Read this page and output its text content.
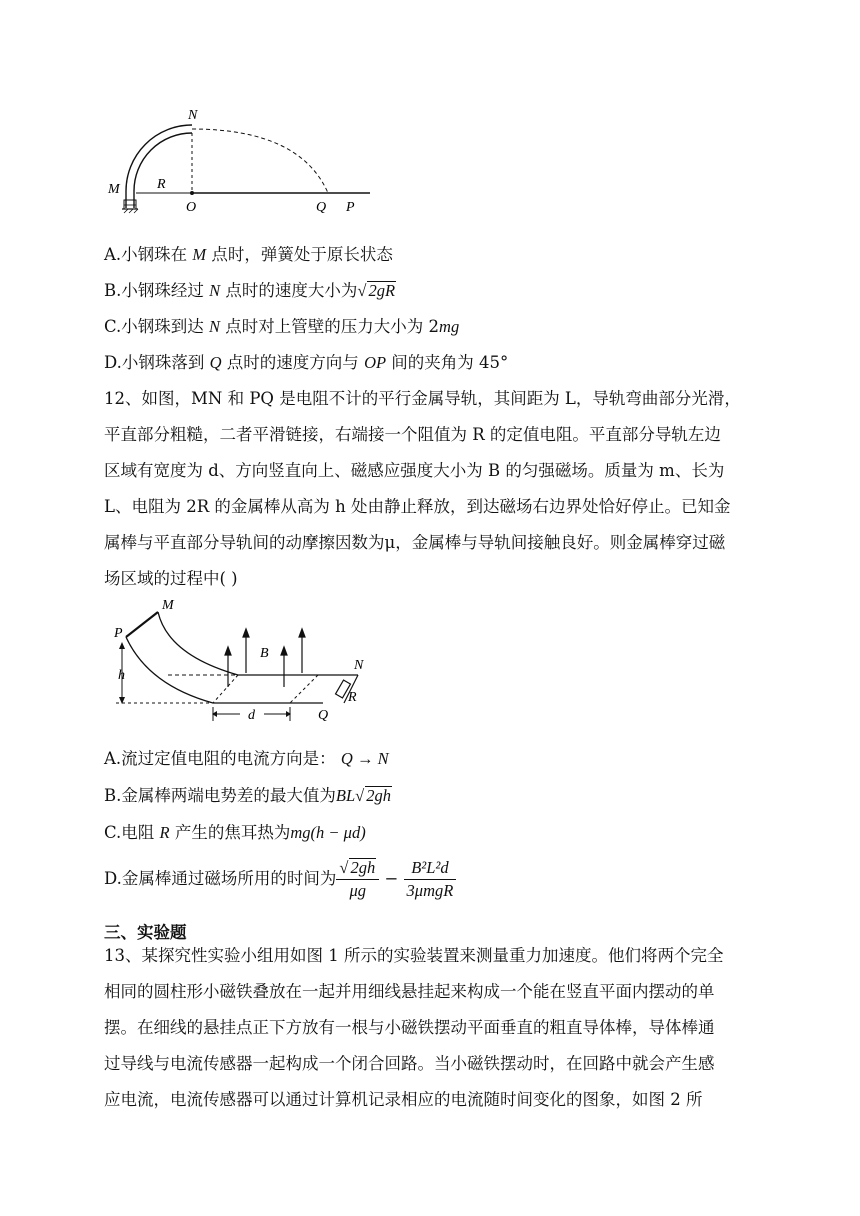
N
M	R
O	Q P
A.小钢珠在 M 点时，弹簧处于原长状态
B.小钢珠经过 N 点时的速度大小为√ 2gR
C.小钢珠到达 N 点时对上管壁的压力大小为 2mg
D.小钢珠落到 Q 点时的速度方向与 OP 间的夹角为 45°
12、如图，MN 和 PQ 是电阻不计的平行金属导轨，其间距为 L，导轨弯曲部分光滑，
平直部分粗糙，二者平滑链接，右端接一个阻值为 R 的定值电阻。平直部分导轨左边
区域有宽度为 d、方向竖直向上、磁感应强度大小为 B 的匀强磁场。质量为 m、长为
L、电阻为 2R 的金属棒从高为 h 处由静止释放，到达磁场右边界处恰好停止。已知金
属棒与平直部分导轨间的动摩擦因数为μ，金属棒与导轨间接触良好。则金属棒穿过磁
场区域的过程中( )
M
P
B
N
h
d	Q
R
A.流过定值电阻的电流方向是： Q → N
B.金属棒两端电势差的最大值为BL√ 2gh
C.电阻 R 产生的焦耳热为mg(h − μd)
D.金属棒通过磁场所用的时间为 $\frac{√ 2gh}{\mu g} - \frac{\text{B²L²d}}{\text{3μmgR}}$
三、实验题
13、某探究性实验小组用如图 1 所示的实验装置来测量重力加速度。他们将两个完全
相同的圆柱形小磁铁叠放在一起并用细线悬挂起来构成一个能在竖直平面内摆动的单
摆。在细线的悬挂点正下方放有一根与小磁铁摆动平面垂直的粗直导体棒，导体棒通
过导线与电流传感器一起构成一个闭合回路。当小磁铁摆动时，在回路中就会产生感
应电流，电流传感器可以通过计算机记录相应的电流随时间变化的图象，如图 2 所
